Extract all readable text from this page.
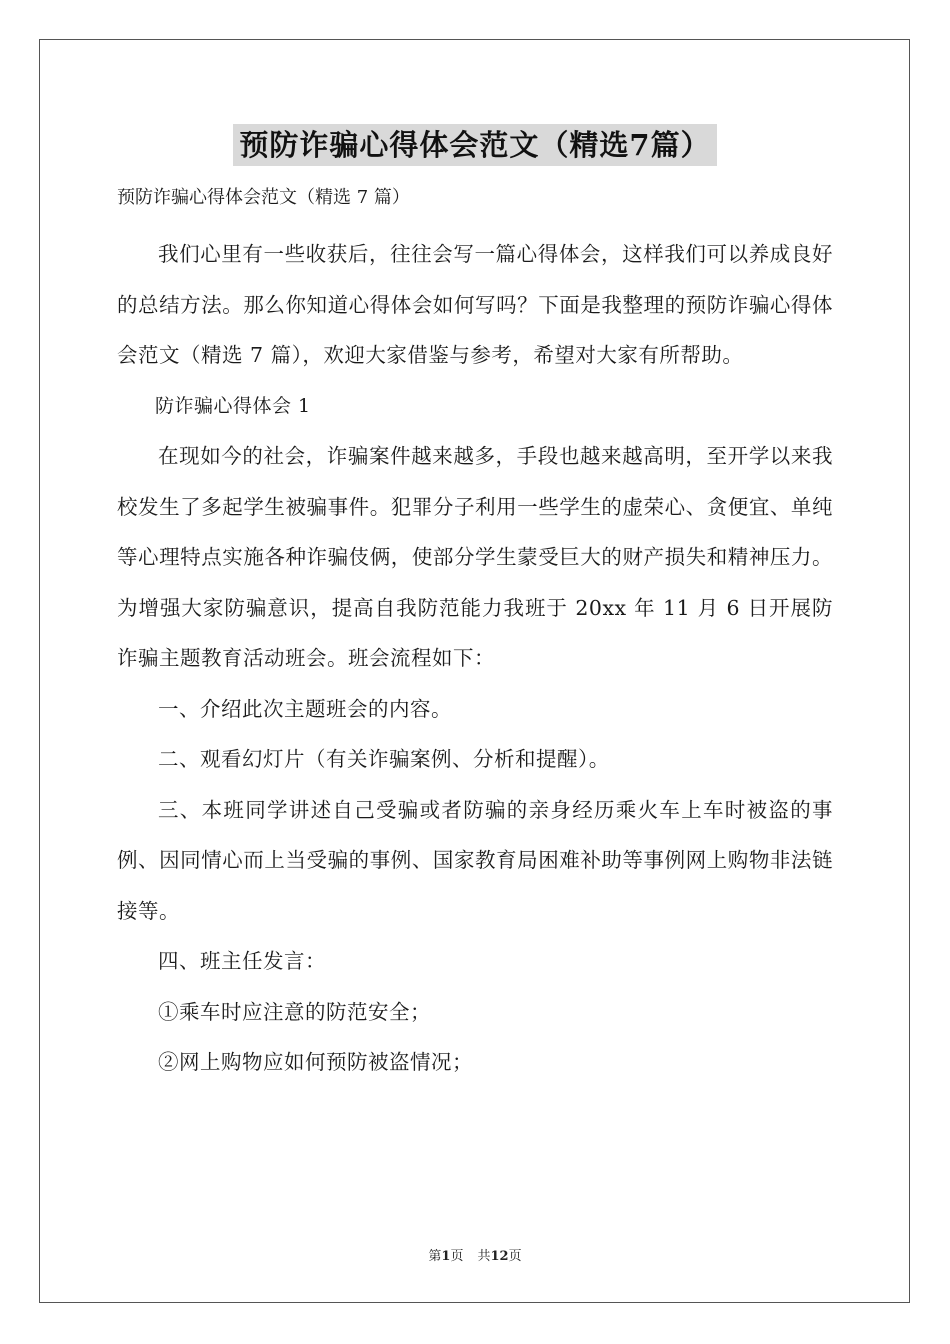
预防诈骗心得体会范文（精选7篇）
预防诈骗心得体会范文（精选 7 篇）

我们心里有一些收获后，往往会写一篇心得体会，这样我们可以养成良好的总结方法。那么你知道心得体会如何写吗？下面是我整理的预防诈骗心得体会范文（精选 7 篇），欢迎大家借鉴与参考，希望对大家有所帮助。

防诈骗心得体会 1

在现如今的社会，诈骗案件越来越多，手段也越来越高明，至开学以来我校发生了多起学生被骗事件。犯罪分子利用一些学生的虚荣心、贪便宜、单纯等心理特点实施各种诈骗伎俩，使部分学生蒙受巨大的财产损失和精神压力。为增强大家防骗意识，提高自我防范能力我班于 20xx 年 11 月 6 日开展防诈骗主题教育活动班会。班会流程如下：

一、介绍此次主题班会的内容。

二、观看幻灯片（有关诈骗案例、分析和提醒）。

三、本班同学讲述自己受骗或者防骗的亲身经历乘火车上车时被盗的事例、因同情心而上当受骗的事例、国家教育局困难补助等事例网上购物非法链接等。

四、班主任发言：

①乘车时应注意的防范安全；

②网上购物应如何预防被盗情况；

第1页 共12页
